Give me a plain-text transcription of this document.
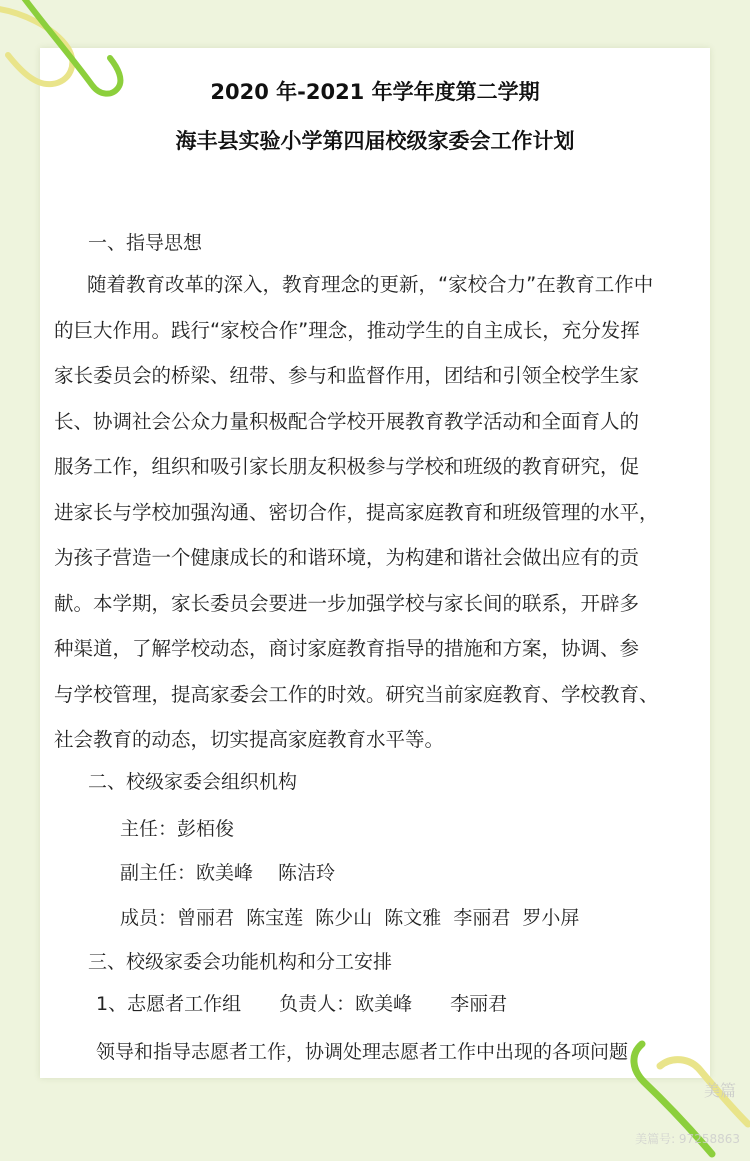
2020 年-2021 年学年度第二学期
海丰县实验小学第四届校级家委会工作计划
一、指导思想
随着教育改革的深入，教育理念的更新，“家校合力”在教育工作中
的巨大作用。践行“家校合作”理念，推动学生的自主成长，充分发挥
家长委员会的桥梁、纽带、参与和监督作用，团结和引领全校学生家
长、协调社会公众力量积极配合学校开展教育教学活动和全面育人的
服务工作，组织和吸引家长朋友积极参与学校和班级的教育研究，促
进家长与学校加强沟通、密切合作，提高家庭教育和班级管理的水平，
为孩子营造一个健康成长的和谐环境，为构建和谐社会做出应有的贡
献。本学期，家长委员会要进一步加强学校与家长间的联系，开辟多
种渠道，了解学校动态，商讨家庭教育指导的措施和方案，协调、参
与学校管理，提高家委会工作的时效。研究当前家庭教育、学校教育、
社会教育的动态，切实提高家庭教育水平等。
二、校级家委会组织机构
主任：彭栢俊
副主任：欧美峰　 陈洁玲
成员：曾丽君  陈宝莲  陈少山  陈文雅  李丽君  罗小屏
三、校级家委会功能机构和分工安排
1、志愿者工作组　　负责人：欧美峰　　李丽君
领导和指导志愿者工作，协调处理志愿者工作中出现的各项问题
美篇
美篇号: 97258863
